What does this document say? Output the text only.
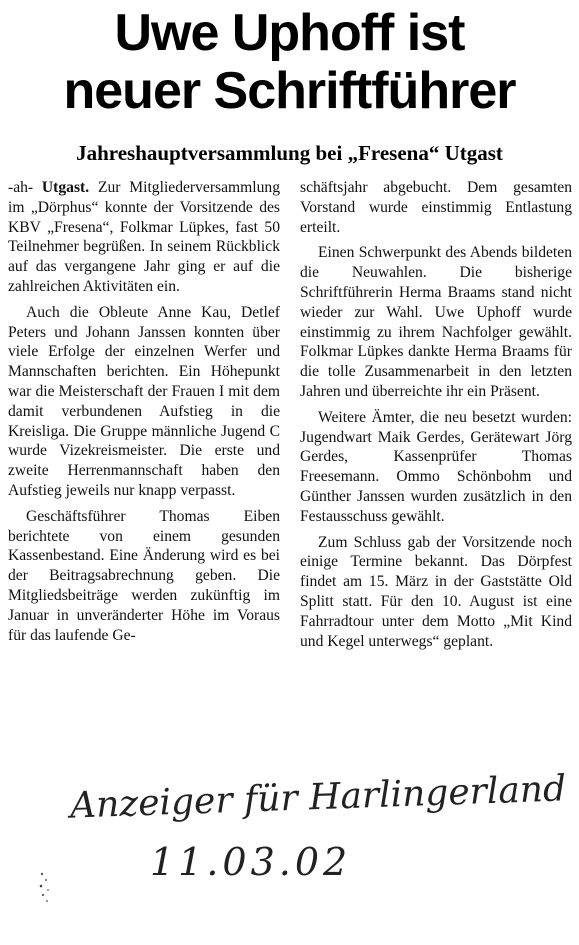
Uwe Uphoff ist
neuer Schriftführer
Jahreshauptversammlung bei „Fresena“ Utgast

-ah- Utgast. Zur Mitgliederversammlung im „Dörphus“ konnte der Vorsitzende des KBV „Fresena“, Folkmar Lüpkes, fast 50 Teilnehmer begrüßen. In seinem Rückblick auf das vergangene Jahr ging er auf die zahlreichen Aktivitäten ein.

Auch die Obleute Anne Kau, Detlef Peters und Johann Janssen konnten über viele Erfolge der einzelnen Werfer und Mannschaften berichten. Ein Höhepunkt war die Meisterschaft der Frauen I mit dem damit verbundenen Aufstieg in die Kreisliga. Die Gruppe männliche Jugend C wurde Vizekreismeister. Die erste und zweite Herrenmannschaft haben den Aufstieg jeweils nur knapp verpasst.

Geschäftsführer Thomas Eiben berichtete von einem gesunden Kassenbestand. Eine Änderung wird es bei der Beitragsabrechnung geben. Die Mitgliedsbeiträge werden zukünftig im Januar in unveränderter Höhe im Voraus für das laufende Ge-

schäftsjahr abgebucht. Dem gesamten Vorstand wurde einstimmig Entlastung erteilt.

Einen Schwerpunkt des Abends bildeten die Neuwahlen. Die bisherige Schriftführerin Herma Braams stand nicht wieder zur Wahl. Uwe Uphoff wurde einstimmig zu ihrem Nachfolger gewählt. Folkmar Lüpkes dankte Herma Braams für die tolle Zusammenarbeit in den letzten Jahren und überreichte ihr ein Präsent.

Weitere Ämter, die neu besetzt wurden: Jugendwart Maik Gerdes, Gerätewart Jörg Gerdes, Kassenprüfer Thomas Freesemann. Ommo Schönbohm und Günther Janssen wurden zusätzlich in den Festausschuss gewählt.

Zum Schluss gab der Vorsitzende noch einige Termine bekannt. Das Dörpfest findet am 15. März in der Gaststätte Old Splitt statt. Für den 10. August ist eine Fahrradtour unter dem Motto „Mit Kind und Kegel unterwegs“ geplant.

Anzeiger für Harlingerland
11.03.02
